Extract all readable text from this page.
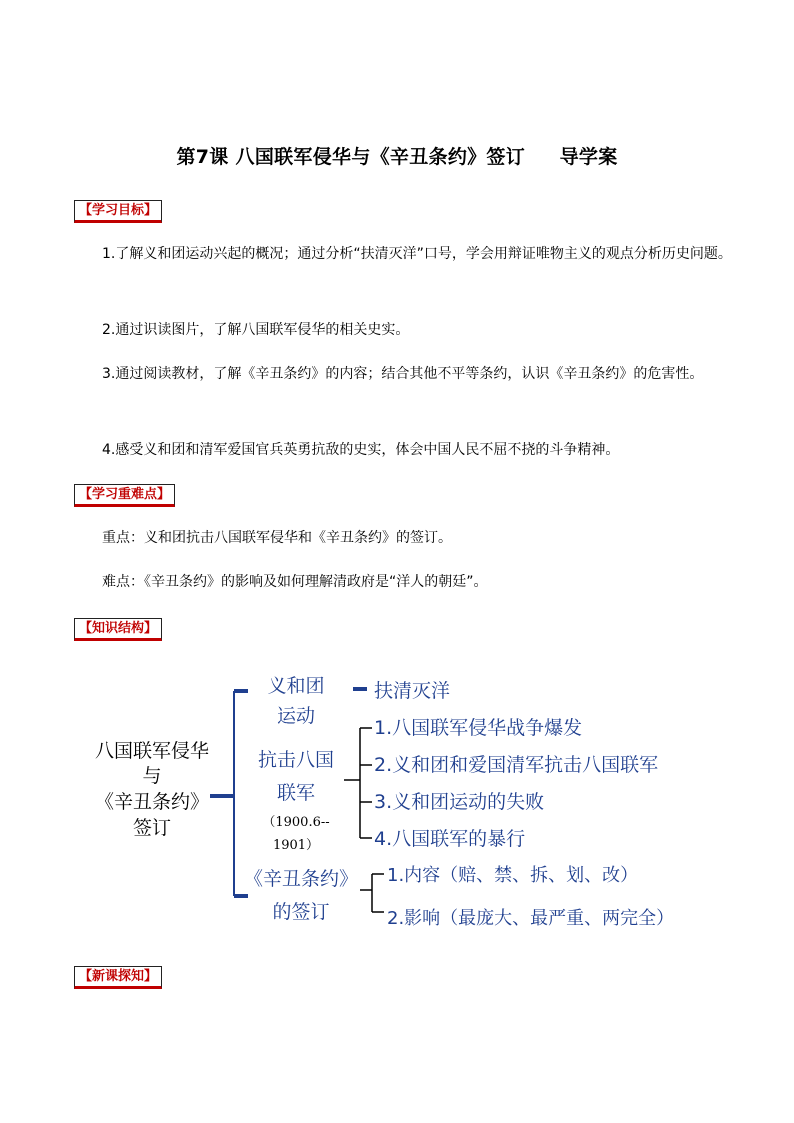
第7课 八国联军侵华与《辛丑条约》签订     导学案
【学习目标】
1.了解义和团运动兴起的概况；通过分析“扶清灭洋”口号，学会用辩证唯物主义的观点分析历史问题。
2.通过识读图片，了解八国联军侵华的相关史实。
3.通过阅读教材，了解《辛丑条约》的内容；结合其他不平等条约，认识《辛丑条约》的危害性。
4.感受义和团和清军爱国官兵英勇抗敌的史实，体会中国人民不屈不挠的斗争精神。
【学习重难点】
重点：义和团抗击八国联军侵华和《辛丑条约》的签订。
难点：《辛丑条约》的影响及如何理解清政府是“洋人的朝廷”。
【知识结构】
八国联军侵华
与
《辛丑条约》
签订
义和团
运动
扶清灭洋
抗击八国
联军
（1900.6--
1901）
1.八国联军侵华战争爆发
2.义和团和爱国清军抗击八国联军
3.义和团运动的失败
4.八国联军的暴行
《辛丑条约》
的签订
1.内容（赔、禁、拆、划、改）
2.影响（最庞大、最严重、两完全）
【新课探知】
